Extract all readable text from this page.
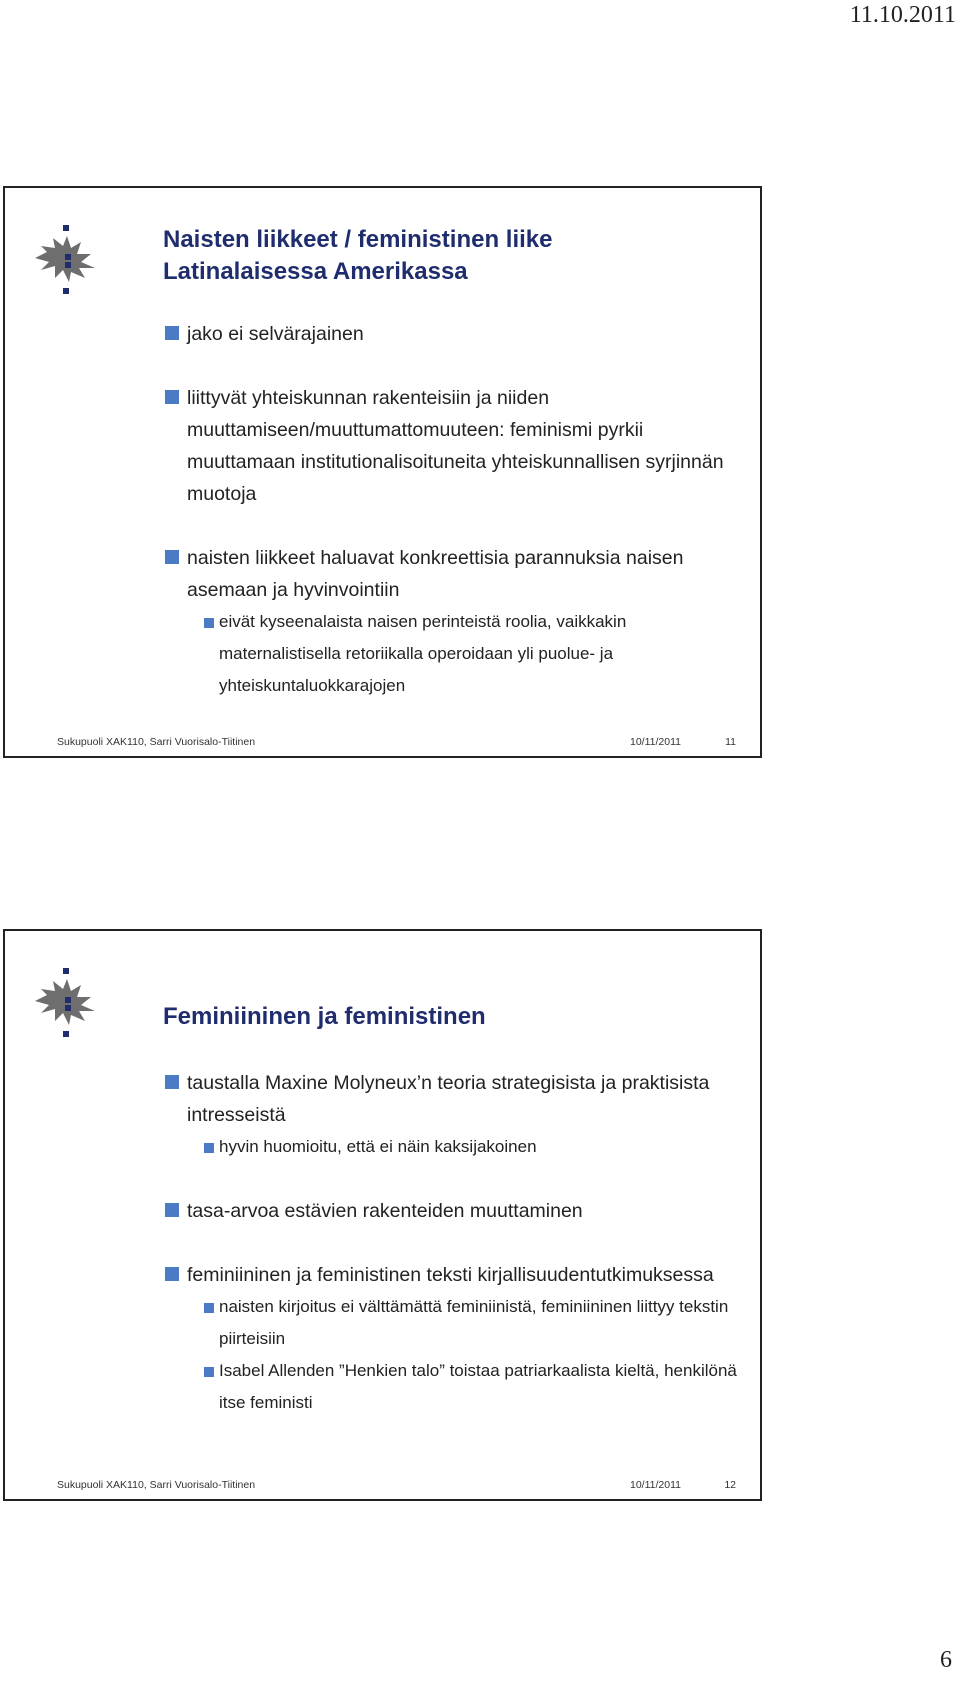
11.10.2011
Naisten liikkeet / feministinen liike
Latinalaisessa Amerikassa
jako ei selvärajainen
liittyvät yhteiskunnan rakenteisiin ja niiden muuttamiseen/muuttumattomuuteen: feminismi pyrkii muuttamaan institutionalisoituneita yhteiskunnallisen syrjinnän muotoja
naisten liikkeet haluavat konkreettisia parannuksia naisen asemaan ja hyvinvointiin
eivät kyseenalaista naisen perinteistä roolia, vaikkakin maternalistisella retoriikalla operoidaan yli puolue- ja yhteiskuntaluokkarajojen
Sukupuoli XAK110, Sarri Vuorisalo-Tiitinen	10/11/2011	11
Feminiininen ja feministinen
taustalla Maxine Molyneux’n teoria strategisista ja praktisista intresseistä
hyvin huomioitu, että ei näin kaksijakoinen
tasa-arvoa estävien rakenteiden muuttaminen
feminiininen ja feministinen teksti kirjallisuudentutkimuksessa
naisten kirjoitus ei välttämättä feminiinistä, feminiininen liittyy tekstin piirteisiin
Isabel Allenden ”Henkien talo” toistaa patriarkaalista kieltä, henkilönä itse feministi
Sukupuoli XAK110, Sarri Vuorisalo-Tiitinen	10/11/2011	12
6
